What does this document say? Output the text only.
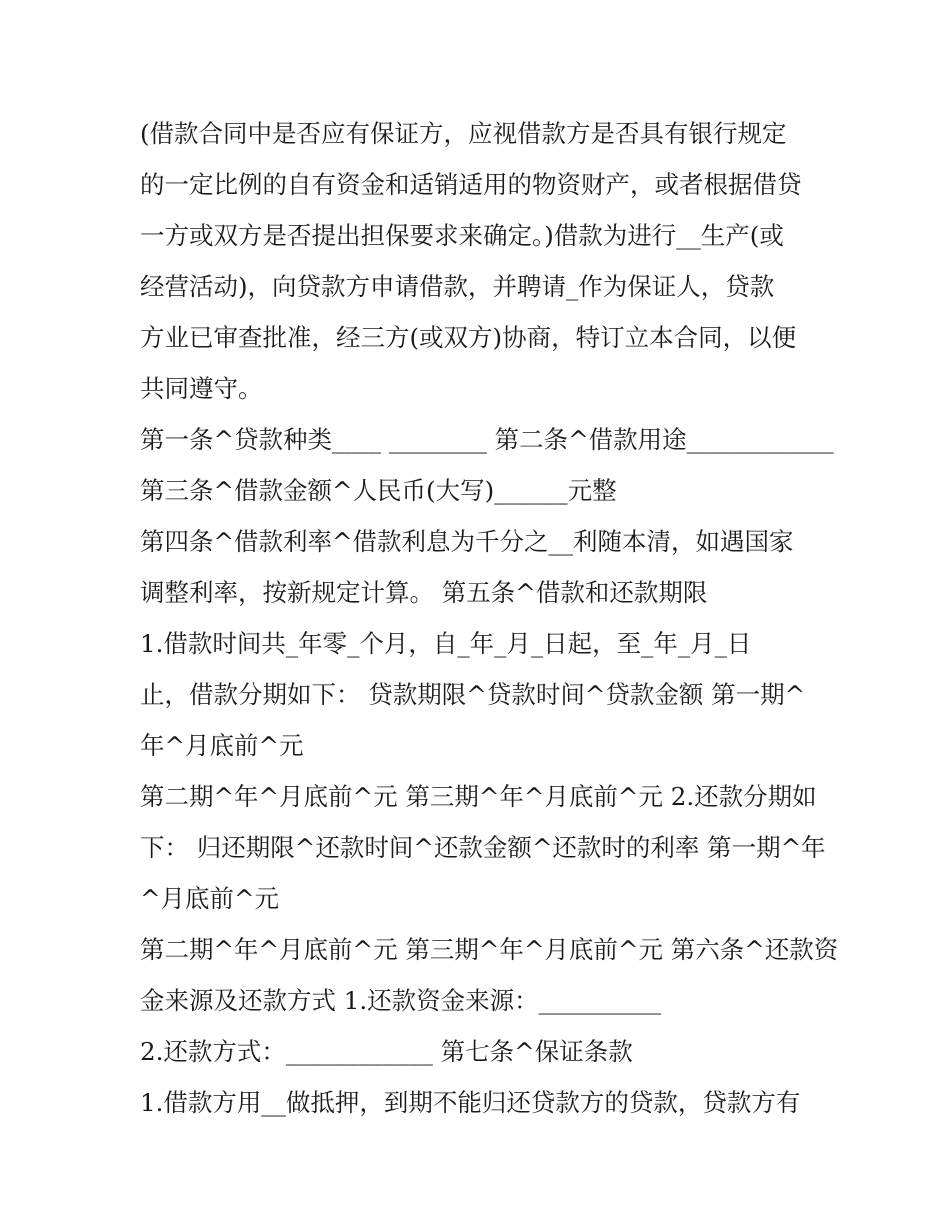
(借款合同中是否应有保证方，应视借款方是否具有银行规定
的一定比例的自有资金和适销适用的物资财产，或者根据借贷
一方或双方是否提出担保要求来确定。)借款为进行__生产(或
经营活动)，向贷款方申请借款，并聘请_作为保证人，贷款
方业已审查批准，经三方(或双方)协商，特订立本合同，以便
共同遵守。
第一条^贷款种类____ ________ 第二条^借款用途____________
第三条^借款金额^人民币(大写)______元整
第四条^借款利率^借款利息为千分之__利随本清，如遇国家
调整利率，按新规定计算。 第五条^借款和还款期限
1.借款时间共_年零_个月，自_年_月_日起，至_年_月_日
止，借款分期如下： 贷款期限^贷款时间^贷款金额 第一期^
年^月底前^元
第二期^年^月底前^元 第三期^年^月底前^元 2.还款分期如
下： 归还期限^还款时间^还款金额^还款时的利率 第一期^年
^月底前^元
第二期^年^月底前^元 第三期^年^月底前^元 第六条^还款资
金来源及还款方式 1.还款资金来源：__________
2.还款方式：____________ 第七条^保证条款
1.借款方用__做抵押，到期不能归还贷款方的贷款，贷款方有
